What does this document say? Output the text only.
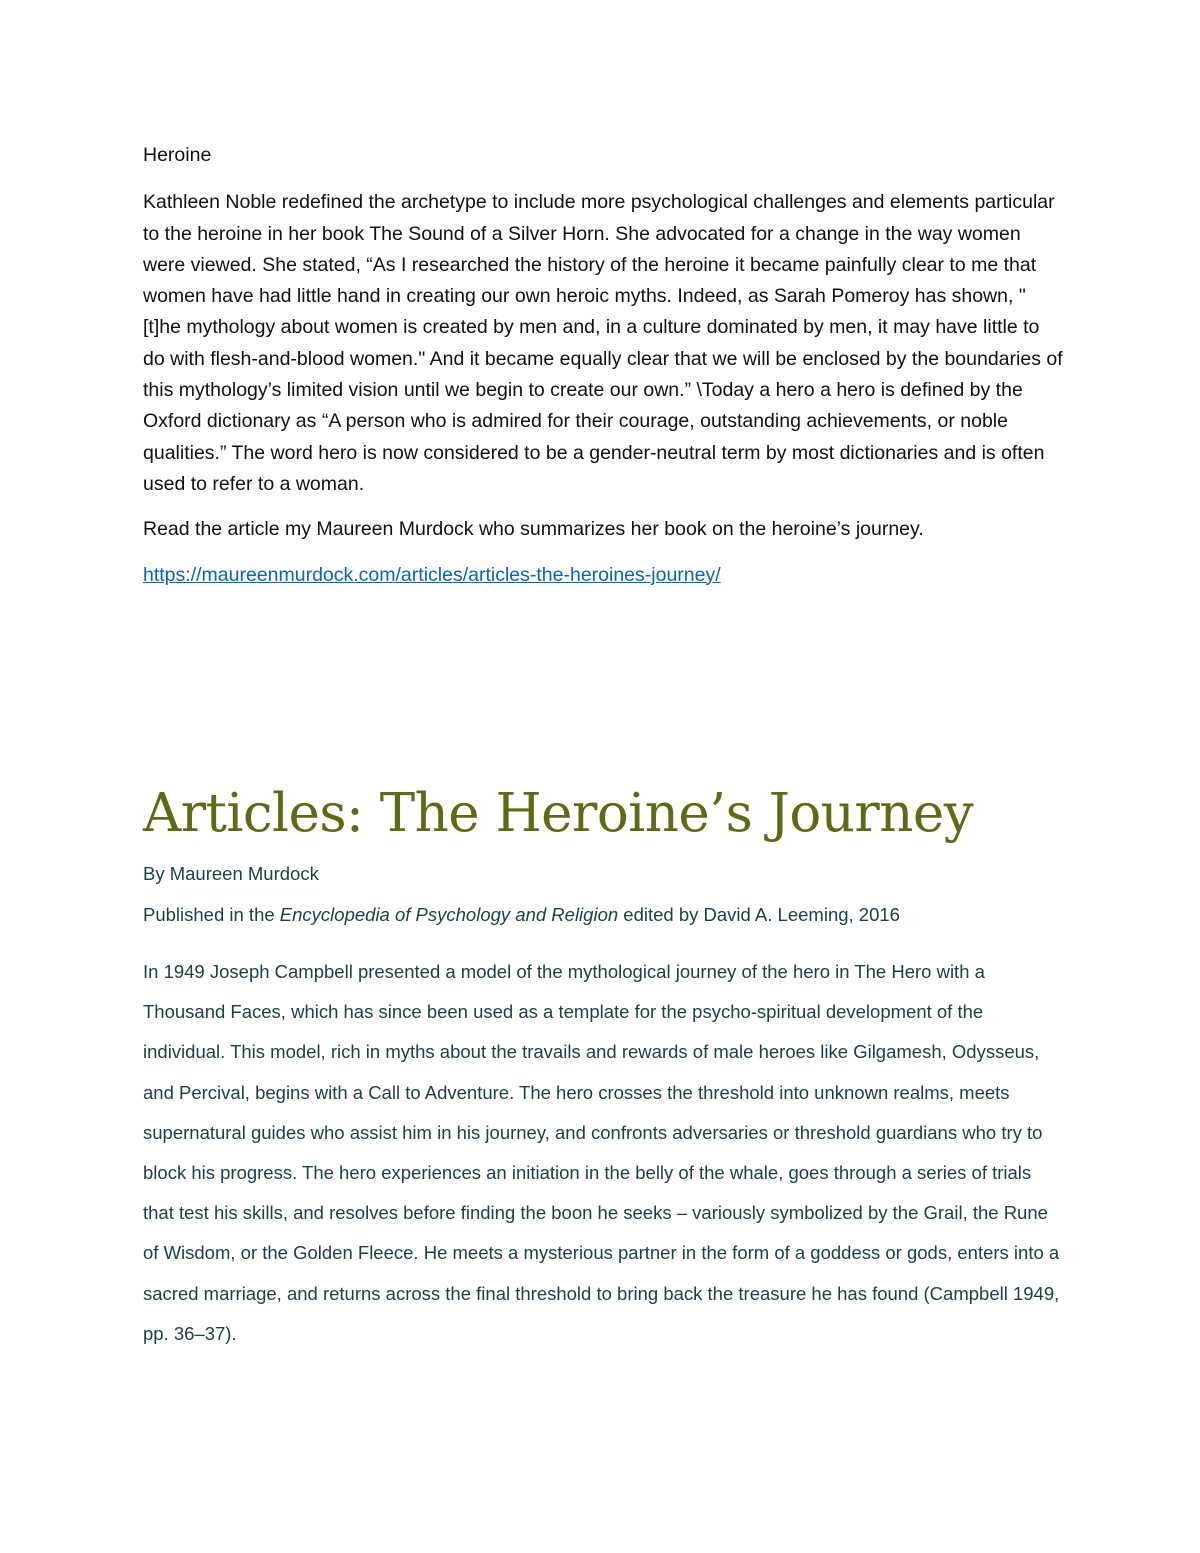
Heroine

Kathleen Noble redefined the archetype to include more psychological challenges and elements particular to the heroine in her book The Sound of a Silver Horn. She advocated for a change in the way women were viewed. She stated, “As I researched the history of the heroine it became painfully clear to me that women have had little hand in creating our own heroic myths. Indeed, as Sarah Pomeroy has shown, "[t]he mythology about women is created by men and, in a culture dominated by men, it may have little to do with flesh-and-blood women." And it became equally clear that we will be enclosed by the boundaries of this mythology’s limited vision until we begin to create our own.” \Today a hero a hero is defined by the Oxford dictionary as “A person who is admired for their courage, outstanding achievements, or noble qualities.” The word hero is now considered to be a gender-neutral term by most dictionaries and is often used to refer to a woman.

Read the article my Maureen Murdock who summarizes her book on the heroine’s journey.

https://maureenmurdock.com/articles/articles-the-heroines-journey/

Articles: The Heroine’s Journey

By Maureen Murdock

Published in the Encyclopedia of Psychology and Religion edited by David A. Leeming, 2016

In 1949 Joseph Campbell presented a model of the mythological journey of the hero in The Hero with a Thousand Faces, which has since been used as a template for the psycho-spiritual development of the individual. This model, rich in myths about the travails and rewards of male heroes like Gilgamesh, Odysseus, and Percival, begins with a Call to Adventure. The hero crosses the threshold into unknown realms, meets supernatural guides who assist him in his journey, and confronts adversaries or threshold guardians who try to block his progress. The hero experiences an initiation in the belly of the whale, goes through a series of trials that test his skills, and resolves before finding the boon he seeks – variously symbolized by the Grail, the Rune of Wisdom, or the Golden Fleece. He meets a mysterious partner in the form of a goddess or gods, enters into a sacred marriage, and returns across the final threshold to bring back the treasure he has found (Campbell 1949, pp. 36–37).
